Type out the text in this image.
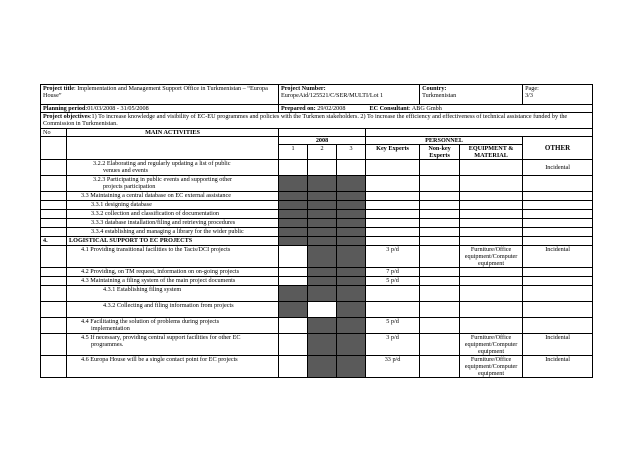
Project title: Implementation and Management Support Office in Turkmenistan – “Europa House”		Project Number:
EuropeAid/125521/C/SER/MULTI/Lot 1				Country:
Turkmenistan		Page:
3/3
Planning period:01/03/2008 - 31/05/2008		Prepared on: 29/02/2008 EC Consultant: ABG Gmbh						
Project objectives:1) To increase knowledge and visibility of EC-EU programmes and policies with the Turkmen stakeholders. 2) To increase the efficiency and effectiveness of technical assistance funded by the Commission in Turkmenistan.								
No	MAIN ACTIVITIES							
		2008			PERSONNEL			OTHER
		1	2	3	Key Experts	Non-key Experts	EQUIPMENT & MATERIAL	
	3.2.2 Elaborating and regularly updating a list of public
venues and events							Incidental
	3.2.3 Participating in public events and supporting other
projects participation							

	3.3 Maintaining a central database on EC external assistance							
	3.3.1 designing database							
	3.3.2 collection and classification of documentation							
	3.3.3 database installation/filing and retrieving procedures							
	3.3.4 establishing and managing a library for the wider public							
4.	LOGISTICAL SUPPORT TO EC PROJECTS							
	4.1 Providing transitional facilities to the Tacis/DCI projects				3 p/d		Furniture/Office equipment/Computer equipment	Incidental
	4.2 Providing, on TM request, information on on-going projects				7 p/d			
	4.3 Maintaining a filing system of the main project documents				5 p/d			
	4.3.1 Establishing filing system							
	4.3.2 Collecting and filing information from projects							
	4.4 Facilitating the solution of problems during projects
implementation				5 p/d			
	4.5 If necessary, providing central support facilities for other EC
programmes.				3 p/d		Furniture/Office equipment/Computer equipment	Incidental
	4.6 Europa House will be a single contact point for EC projects				33 p/d		Furniture/Office equipment/Computer equipment	Incidental
